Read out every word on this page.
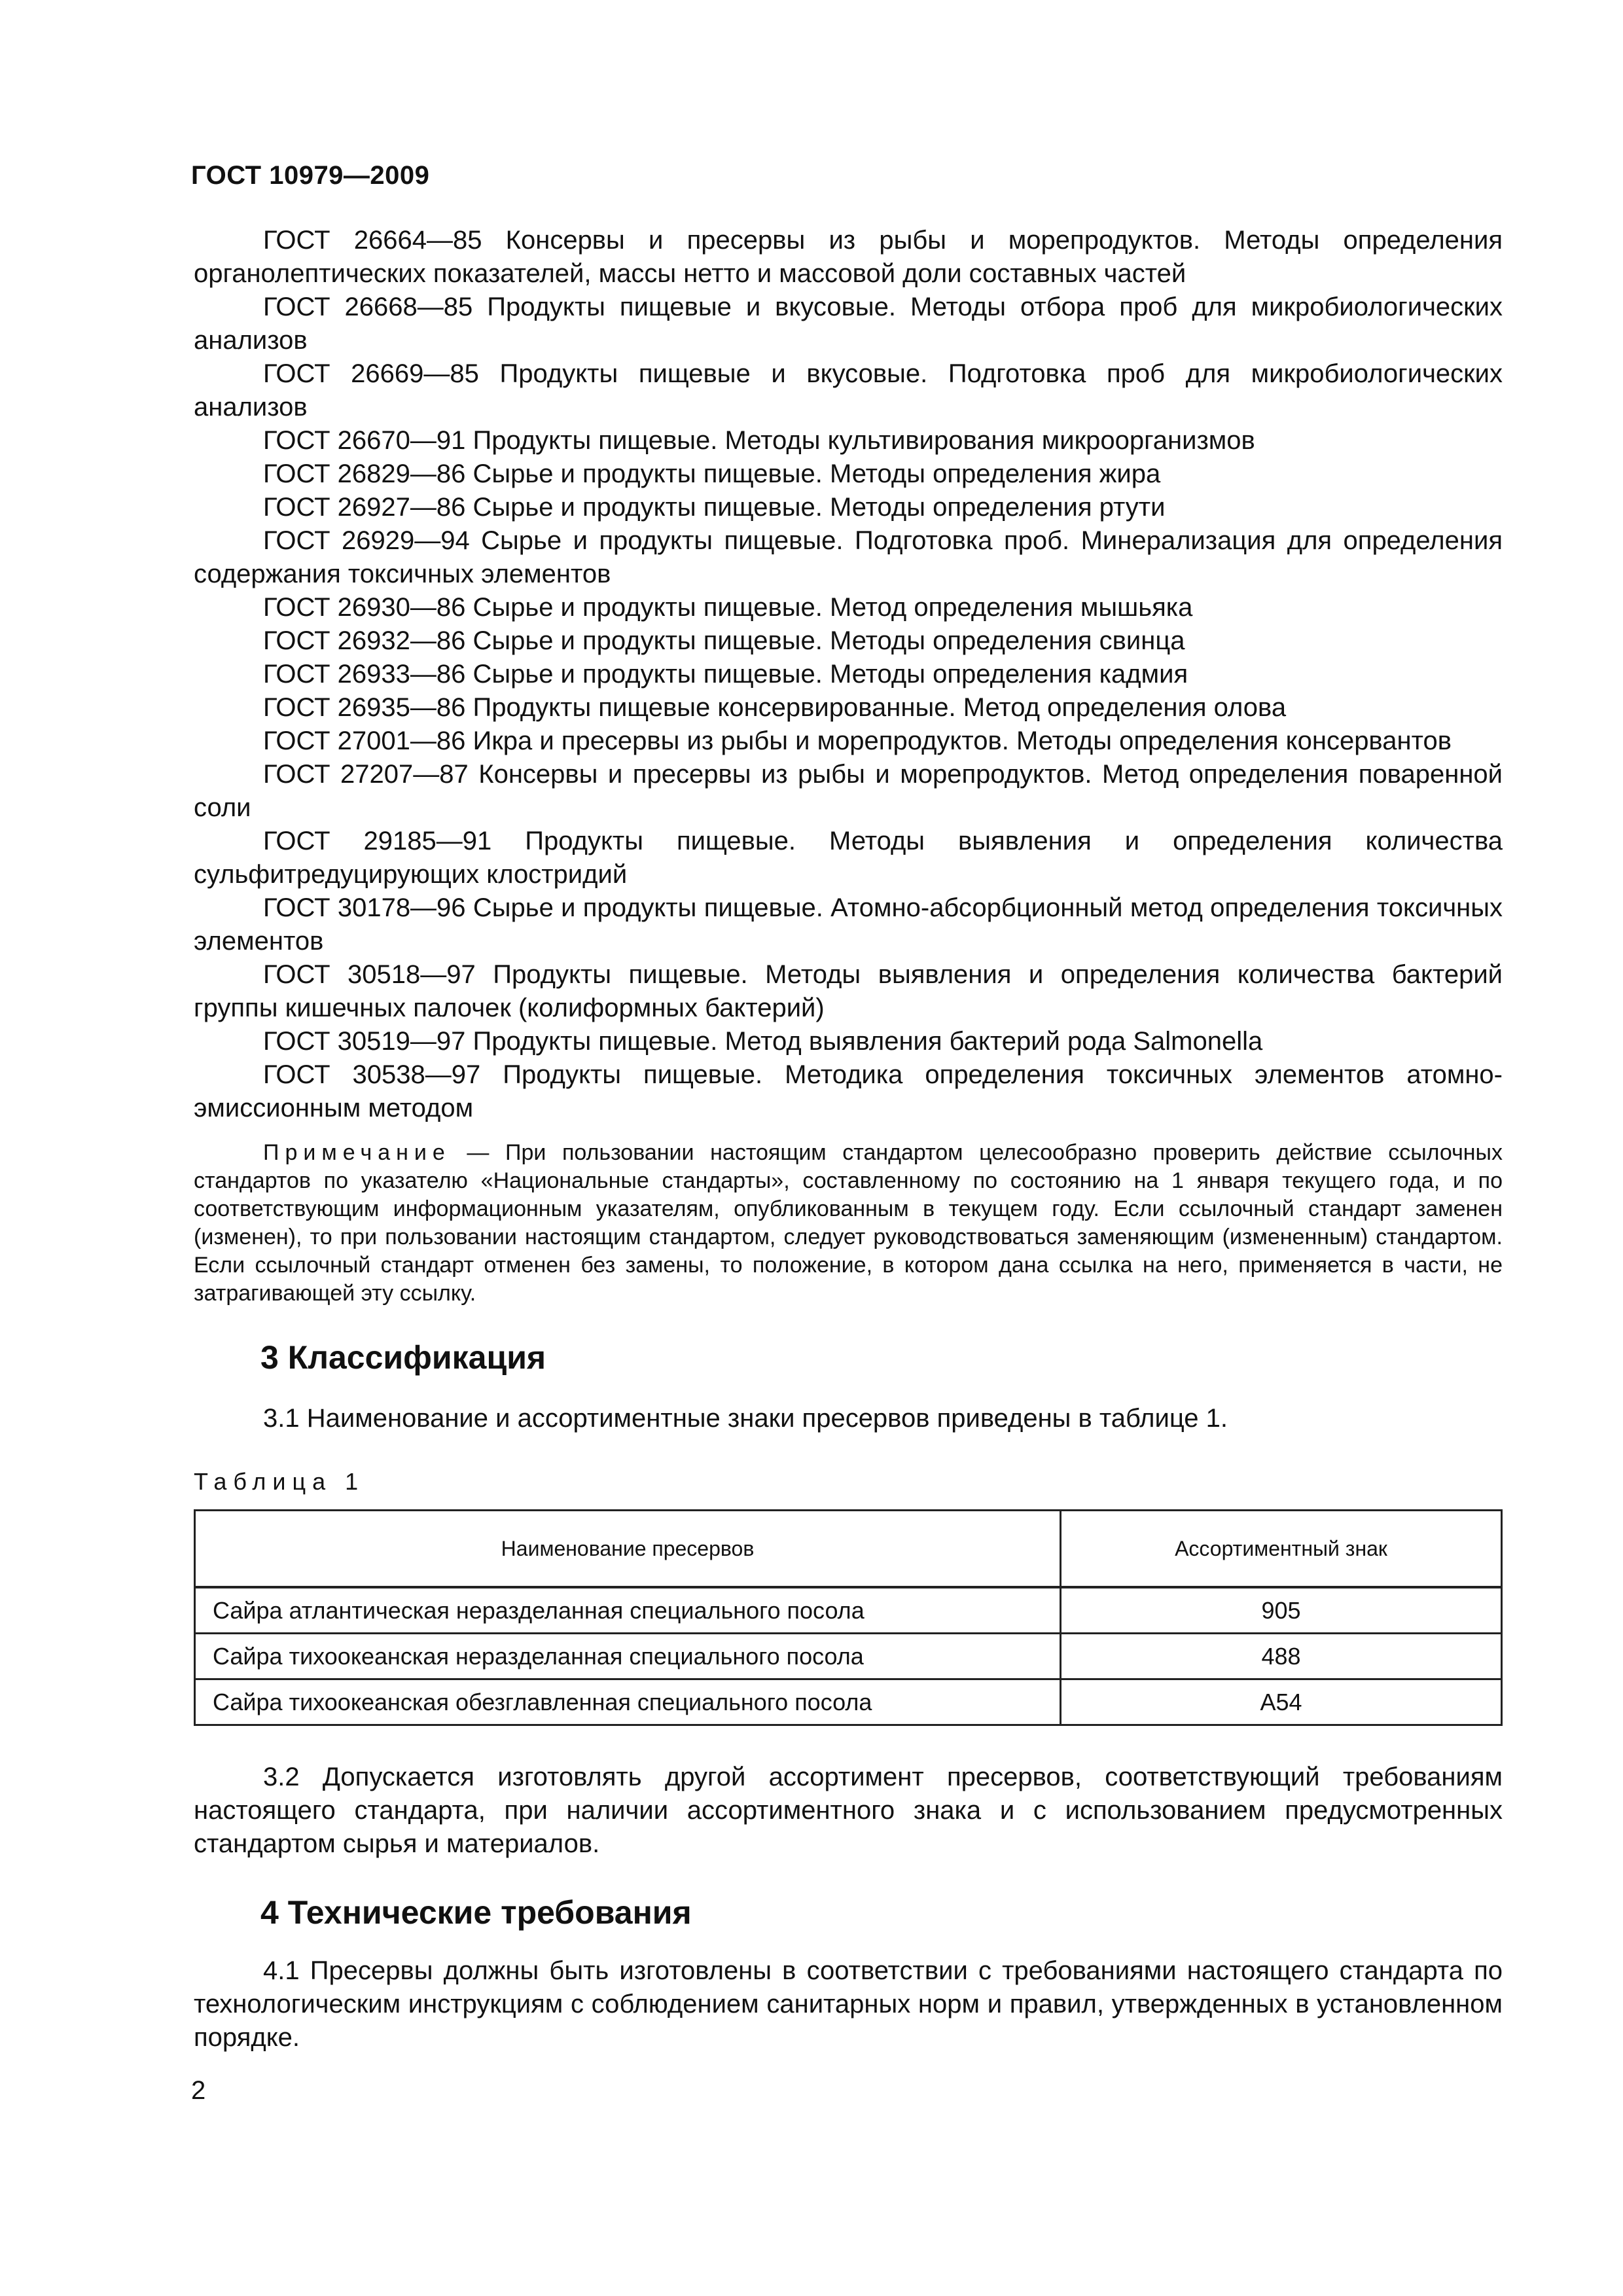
ГОСТ 10979—2009

ГОСТ 26664—85 Консервы и пресервы из рыбы и морепродуктов. Методы определения органолептических показателей, массы нетто и массовой доли составных частей

ГОСТ 26668—85 Продукты пищевые и вкусовые. Методы отбора проб для микробиологических анализов

ГОСТ 26669—85 Продукты пищевые и вкусовые. Подготовка проб для микробиологических анализов

ГОСТ 26670—91 Продукты пищевые. Методы культивирования микроорганизмов

ГОСТ 26829—86 Сырье и продукты пищевые. Методы определения жира

ГОСТ 26927—86 Сырье и продукты пищевые. Методы определения ртути

ГОСТ 26929—94 Сырье и продукты пищевые. Подготовка проб. Минерализация для определения содержания токсичных элементов

ГОСТ 26930—86 Сырье и продукты пищевые. Метод определения мышьяка

ГОСТ 26932—86 Сырье и продукты пищевые. Методы определения свинца

ГОСТ 26933—86 Сырье и продукты пищевые. Методы определения кадмия

ГОСТ 26935—86 Продукты пищевые консервированные. Метод определения олова

ГОСТ 27001—86 Икра и пресервы из рыбы и морепродуктов. Методы определения консервантов

ГОСТ 27207—87 Консервы и пресервы из рыбы и морепродуктов. Метод определения поваренной соли

ГОСТ 29185—91 Продукты пищевые. Методы выявления и определения количества сульфитредуцирующих клостридий

ГОСТ 30178—96 Сырье и продукты пищевые. Атомно-абсорбционный метод определения токсичных элементов

ГОСТ 30518—97 Продукты пищевые. Методы выявления и определения количества бактерий группы кишечных палочек (колиформных бактерий)

ГОСТ 30519—97 Продукты пищевые. Метод выявления бактерий рода Salmonella

ГОСТ 30538—97 Продукты пищевые. Методика определения токсичных элементов атомно-эмиссионным методом

Примечание — При пользовании настоящим стандартом целесообразно проверить действие ссылочных стандартов по указателю «Национальные стандарты», составленному по состоянию на 1 января текущего года, и по соответствующим информационным указателям, опубликованным в текущем году. Если ссылочный стандарт заменен (изменен), то при пользовании настоящим стандартом, следует руководствоваться заменяющим (измененным) стандартом. Если ссылочный стандарт отменен без замены, то положение, в котором дана ссылка на него, применяется в части, не затрагивающей эту ссылку.
3 Классификация

3.1 Наименование и ассортиментные знаки пресервов приведены в таблице 1.

Таблица 1

Наименование пресервов	Ассортиментный знак
Сайра атлантическая неразделанная специального посола	905
Сайра тихоокеанская неразделанная специального посола	488
Сайра тихоокеанская обезглавленная специального посола	А54

3.2 Допускается изготовлять другой ассортимент пресервов, соответствующий требованиям настоящего стандарта, при наличии ассортиментного знака и с использованием предусмотренных стандартом сырья и материалов.

4 Технические требования

4.1 Пресервы должны быть изготовлены в соответствии с требованиями настоящего стандарта по технологическим инструкциям с соблюдением санитарных норм и правил, утвержденных в установленном порядке.

2
